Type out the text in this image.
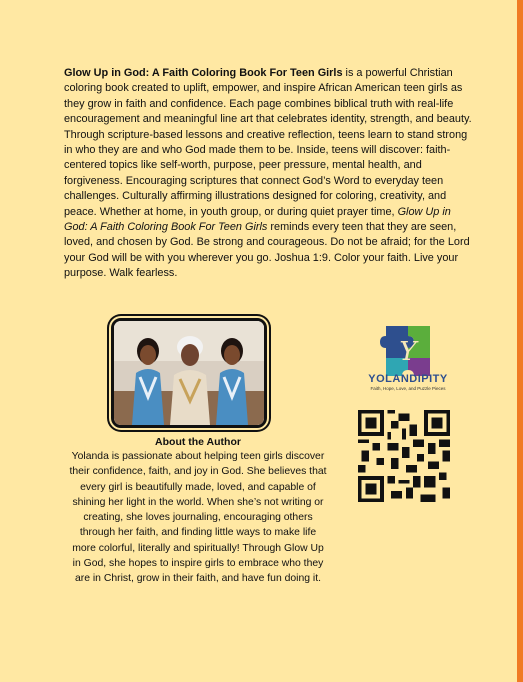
Glow Up in God: A Faith Coloring Book For Teen Girls is a powerful Christian coloring book created to uplift, empower, and inspire African American teen girls as they grow in faith and confidence. Each page combines biblical truth with real-life encouragement and meaningful line art that celebrates identity, strength, and beauty. Through scripture-based lessons and creative reflection, teens learn to stand strong in who they are and who God made them to be. Inside, teens will discover: faith-centered topics like self-worth, purpose, peer pressure, mental health, and forgiveness. Encouraging scriptures that connect God’s Word to everyday teen challenges. Culturally affirming illustrations designed for coloring, creativity, and peace. Whether at home, in youth group, or during quiet prayer time, Glow Up in God: A Faith Coloring Book For Teen Girls reminds every teen that they are seen, loved, and chosen by God. Be strong and courageous. Do not be afraid; for the Lord your God will be with you wherever you go. Joshua 1:9. Color your faith. Live your purpose. Walk fearless.

About the Author

Yolanda is passionate about helping teen girls discover their confidence, faith, and joy in God. She believes that every girl is beautifully made, loved, and capable of shining her light in the world. When she’s not writing or creating, she loves journaling, encouraging others through her faith, and finding little ways to make life more colorful, literally and spiritually! Through Glow Up in God, she hopes to inspire girls to embrace who they are in Christ, grow in their faith, and have fun doing it.

Y
YOLANDIPITY
Faith, Hope, Love, and Puzzle Pieces
